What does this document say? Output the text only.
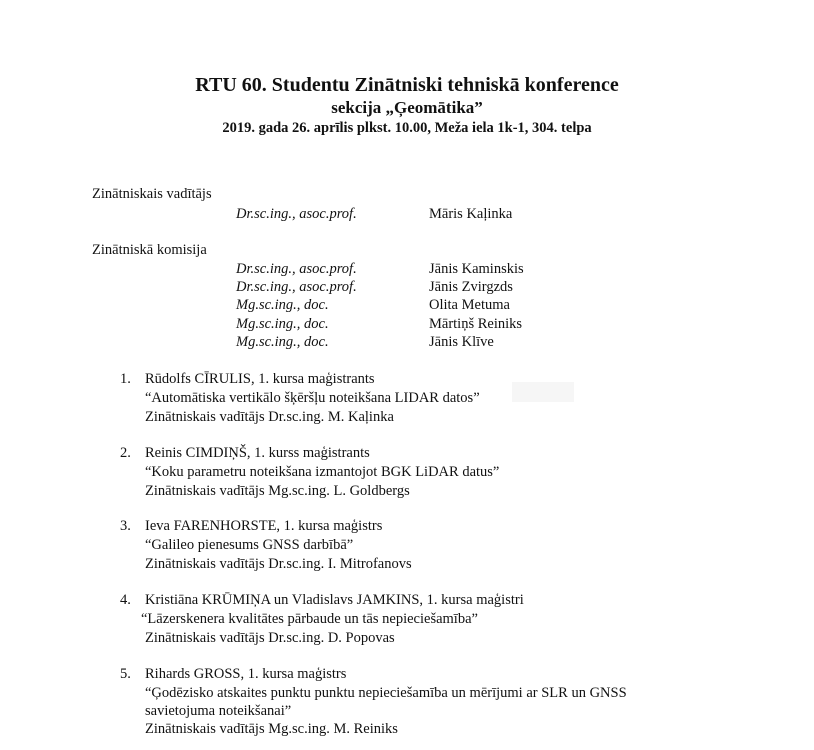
RTU 60. Studentu Zinātniski tehniskā konference
sekcija „Ģeomātika”
2019. gada 26. aprīlis plkst. 10.00, Meža iela 1k-1, 304. telpa
Zinātniskais vadītājs
Dr.sc.ing., asoc.prof.	Māris Kaļinka
Zinātniskā komisija
Dr.sc.ing., asoc.prof.	Jānis Kaminskis
Dr.sc.ing., asoc.prof.	Jānis Zvirgzds
Mg.sc.ing., doc.	Olita Metuma
Mg.sc.ing., doc.	Mārtiņš Reiniks
Mg.sc.ing., doc.	Jānis Klīve
1. Rūdolfs CĪRULIS, 1. kursa maģistrants
“Automātiska vertikālo šķēršļu noteikšana LIDAR datos”
Zinātniskais vadītājs Dr.sc.ing. M. Kaļinka
2. Reinis CIMDIŅŠ, 1. kurss maģistrants
“Koku parametru noteikšana izmantojot BGK LiDAR datus”
Zinātniskais vadītājs Mg.sc.ing. L. Goldbergs
3. Ieva FARENHORSTE, 1. kursa maģistrs
“Galileo pienesums GNSS darbībā”
Zinātniskais vadītājs Dr.sc.ing. I. Mitrofanovs
4. Kristiāna KRŪMIŅA un Vladislavs JAMKINS, 1. kursa maģistri
“Lāzerskenera kvalitātes pārbaude un tās nepieciešamība”
Zinātniskais vadītājs Dr.sc.ing. D. Popovas
5. Rihards GROSS, 1. kursa maģistrs
“Ģodēzisko atskaites punktu punktu nepieciešamība un mērījumi ar SLR un GNSS
savietojuma noteikšanai”
Zinātniskais vadītājs Mg.sc.ing. M. Reiniks
